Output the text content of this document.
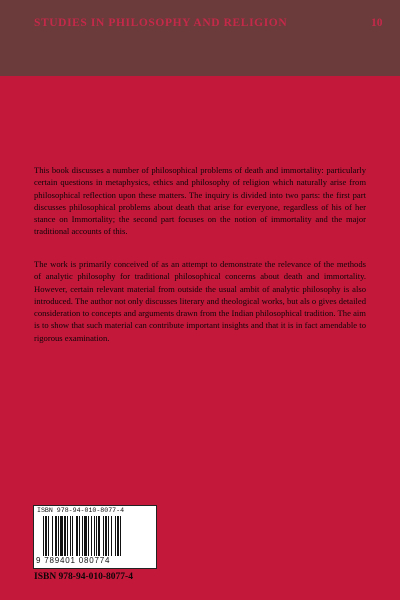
STUDIES IN PHILOSOPHY AND RELIGION	10

This book discusses a number of philosophical problems of death and immortality: particularly certain questions in metaphysics, ethics and philosophy of religion which naturally arise from philosophical reflection upon these matters. The inquiry is divided into two parts: the first part discusses philosophical problems about death that arise for everyone, regardless of his of her stance on Immortality; the second part focuses on the notion of immortality and the major traditional accounts of this.

The work is primarily conceived of as an attempt to demonstrate the relevance of the methods of analytic philosophy for traditional philosophical concerns about death and immortality. However, certain relevant material from outside the usual ambit of analytic philosophy is also introduced. The author not only discusses literary and theological works, but als o gives detailed consideration to concepts and arguments drawn from the Indian philosophical tradition. The aim is to show that such material can contribute important insights and that it is in fact amendable to rigorous examination.

ISBN 978-94-010-8077-4
9 789401 080774
ISBN 978-94-010-8077-4
